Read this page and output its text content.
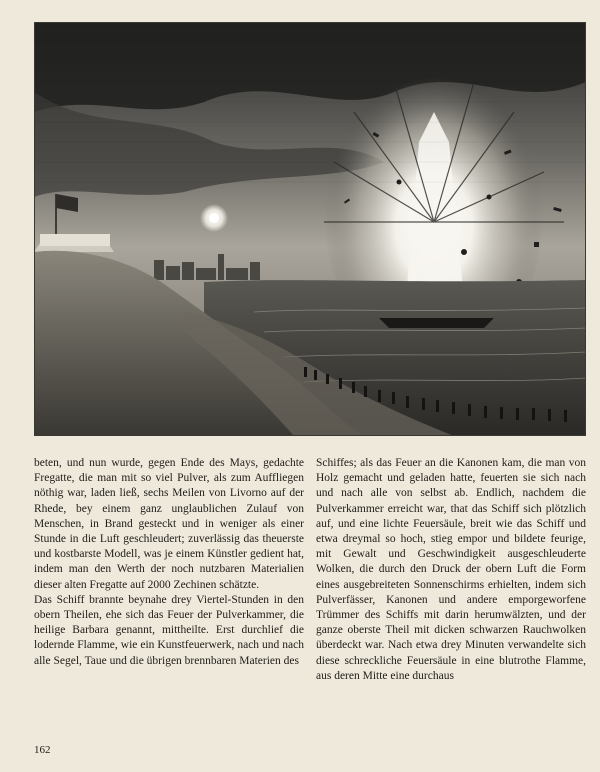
beten, und nun wurde, gegen Ende des Mays, gedachte Fregatte, die man mit so viel Pulver, als zum Auffliegen nöthig war, laden ließ, sechs Meilen von Livorno auf der Rhede, bey einem ganz unglaublichen Zulauf von Menschen, in Brand gesteckt und in weniger als einer Stunde in die Luft geschleudert; zuverlässig das theuerste und kostbarste Modell, was je einem Künstler gedient hat, indem man den Werth der noch nutzbaren Materialien dieser alten Fregatte auf 2000 Zechinen schätzte.

Das Schiff brannte beynahe drey Viertel-Stunden in den obern Theilen, ehe sich das Feuer der Pulverkammer, die heilige Barbara genannt, mittheilte. Erst durchlief die lodernde Flamme, wie ein Kunstfeuerwerk, nach und nach alle Segel, Taue und die übrigen brennbaren Materien des

Schiffes; als das Feuer an die Kanonen kam, die man von Holz gemacht und geladen hatte, feuerten sie sich nach und nach alle von selbst ab. Endlich, nachdem die Pulverkammer erreicht war, that das Schiff sich plötzlich auf, und eine lichte Feuersäule, breit wie das Schiff und etwa dreymal so hoch, stieg empor und bildete feurige, mit Gewalt und Geschwindigkeit ausgeschleuderte Wolken, die durch den Druck der obern Luft die Form eines ausgebreiteten Sonnenschirms erhielten, indem sich Pulverfässer, Kanonen und andere emporgeworfene Trümmer des Schiffs mit darin herumwälzten, und der ganze oberste Theil mit dicken schwarzen Rauchwolken überdeckt war. Nach etwa drey Minuten verwandelte sich diese schreckliche Feuersäule in eine blutrothe Flamme, aus deren Mitte eine durchaus

162
